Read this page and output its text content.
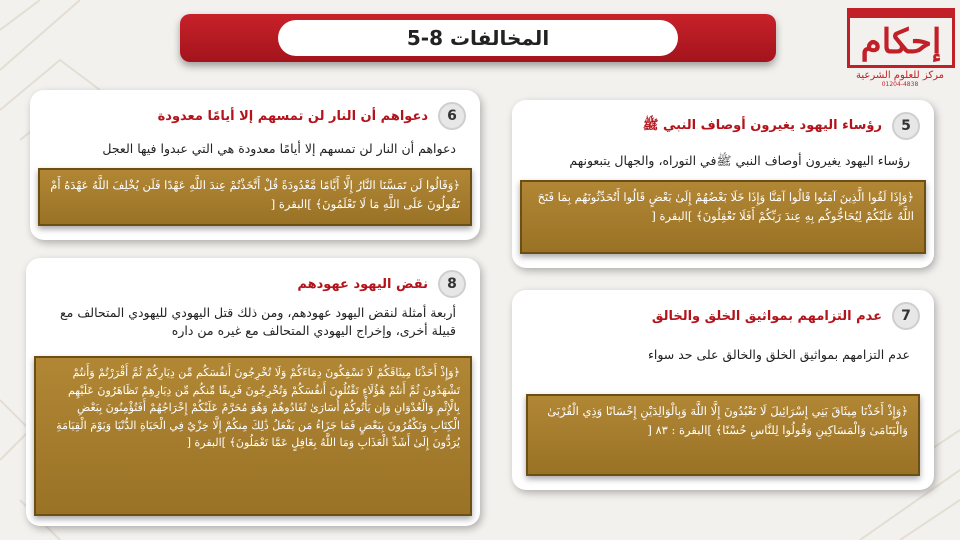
المخالفات 8-5	إحكام
مركز للعلوم الشرعية
01204-4838
6
دعواهم أن النار لن تمسهم إلا أيامًا معدودة
دعواهم أن النار لن تمسهم إلا أيامًا معدودة هي التي عبدوا فيها العجل
﴿وَقَالُوا لَن تَمَسَّنَا النَّارُ إِلَّا أَيَّامًا مَّعْدُودَةً قُلْ أَتَّخَذْتُمْ عِندَ اللَّهِ عَهْدًا فَلَن يُخْلِفَ اللَّهُ عَهْدَهُ أَمْ تَقُولُونَ عَلَى اللَّهِ مَا لَا تَعْلَمُونَ﴾ ]البقرة [
5
رؤساء اليهود يغيرون أوصاف النبي ﷺ
رؤساء اليهود يغيرون أوصاف النبي ﷺفي التوراه، والجهال يتبعونهم
﴿وَإِذَا لَقُوا الَّذِينَ آمَنُوا قَالُوا آمَنَّا وَإِذَا خَلَا بَعْضُهُمْ إِلَىٰ بَعْضٍ قَالُوا أَتُحَدِّثُونَهُم بِمَا فَتَحَ اللَّهُ عَلَيْكُمْ لِيُحَاجُّوكُم بِهِ عِندَ رَبِّكُمْ أَفَلَا تَعْقِلُونَ﴾ ]البقرة [
8
نقض اليهود عهودهم
أربعة أمثلة لنقض اليهود عهودهم، ومن ذلك قتل اليهودي لليهودي المتحالف مع قبيلة أخرى، وإخراج اليهودي المتحالف مع غيره من داره
﴿وَإِذْ أَخَذْنَا مِيثَاقَكُمْ لَا تَسْفِكُونَ دِمَاءَكُمْ وَلَا تُخْرِجُونَ أَنفُسَكُم مِّن دِيَارِكُمْ ثُمَّ أَقْرَرْتُمْ وَأَنتُمْ تَشْهَدُونَ ثُمَّ أَنتُمْ هَٰؤُلَاءِ تَقْتُلُونَ أَنفُسَكُمْ وَتُخْرِجُونَ فَرِيقًا مِّنكُم مِّن دِيَارِهِمْ تَظَاهَرُونَ عَلَيْهِم بِالْإِثْمِ وَالْعُدْوَانِ وَإِن يَأْتُوكُمْ أُسَارَىٰ تُفَادُوهُمْ وَهُوَ مُحَرَّمٌ عَلَيْكُمْ إِخْرَاجُهُمْ أَفَتُؤْمِنُونَ بِبَعْضِ الْكِتَابِ وَتَكْفُرُونَ بِبَعْضٍ فَمَا جَزَاءُ مَن يَفْعَلُ ذَٰلِكَ مِنكُمْ إِلَّا خِزْيٌ فِي الْحَيَاةِ الدُّنْيَا وَيَوْمَ الْقِيَامَةِ يُرَدُّونَ إِلَىٰ أَشَدِّ الْعَذَابِ وَمَا اللَّهُ بِغَافِلٍ عَمَّا تَعْمَلُونَ﴾ ]البقرة [
7
عدم التزامهم بمواثيق الخلق والخالق
عدم التزامهم بمواثيق الخلق والخالق على حد سواء
﴿وَإِذْ أَخَذْنَا مِيثَاقَ بَنِي إِسْرَائِيلَ لَا تَعْبُدُونَ إِلَّا اللَّهَ وَبِالْوَالِدَيْنِ إِحْسَانًا وَذِي الْقُرْبَىٰ وَالْيَتَامَىٰ وَالْمَسَاكِينِ وَقُولُوا لِلنَّاسِ حُسْنًا﴾ ]البقرة : ٨٣ [
